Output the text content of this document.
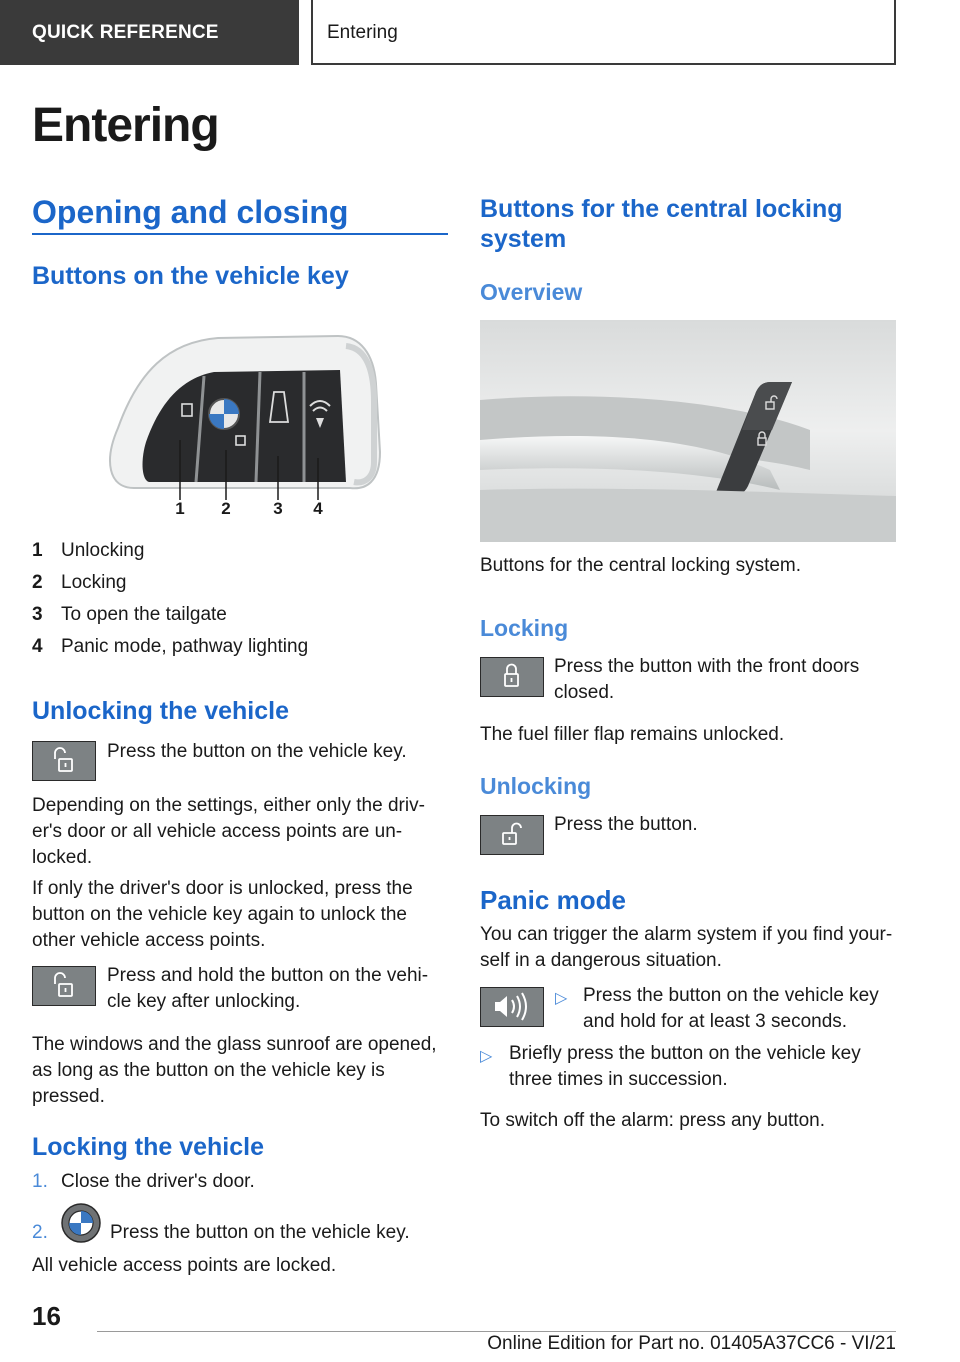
QUICK REFERENCE	Entering
Entering
Opening and closing
Buttons on the vehicle key
1 2	3 4
1 Unlocking
2 Locking
3 To open the tailgate
4 Panic mode, pathway lighting
Unlocking the vehicle
Press the button on the vehicle key.
Depending on the settings, either only the driv‐
er's door or all vehicle access points are un‐
locked.
If only the driver's door is unlocked, press the
button on the vehicle key again to unlock the
other vehicle access points.
Press and hold the button on the vehi‐
cle key after unlocking.
The windows and the glass sunroof are opened,
as long as the button on the vehicle key is
pressed.
Locking the vehicle
1. Close the driver's door.
2.	Press the button on the vehicle key.
All vehicle access points are locked.
Buttons for the central locking
system
Overview
Buttons for the central locking system.
Locking
Press the button with the front doors
closed.
The fuel filler flap remains unlocked.
Unlocking
Press the button.
Panic mode
You can trigger the alarm system if you find your‐
self in a dangerous situation.
▷ Press the button on the vehicle key
and hold for at least 3 seconds.
▷ Briefly press the button on the vehicle key
three times in succession.
To switch off the alarm: press any button.
16
Online Edition for Part no. 01405A37CC6 - VI/21
